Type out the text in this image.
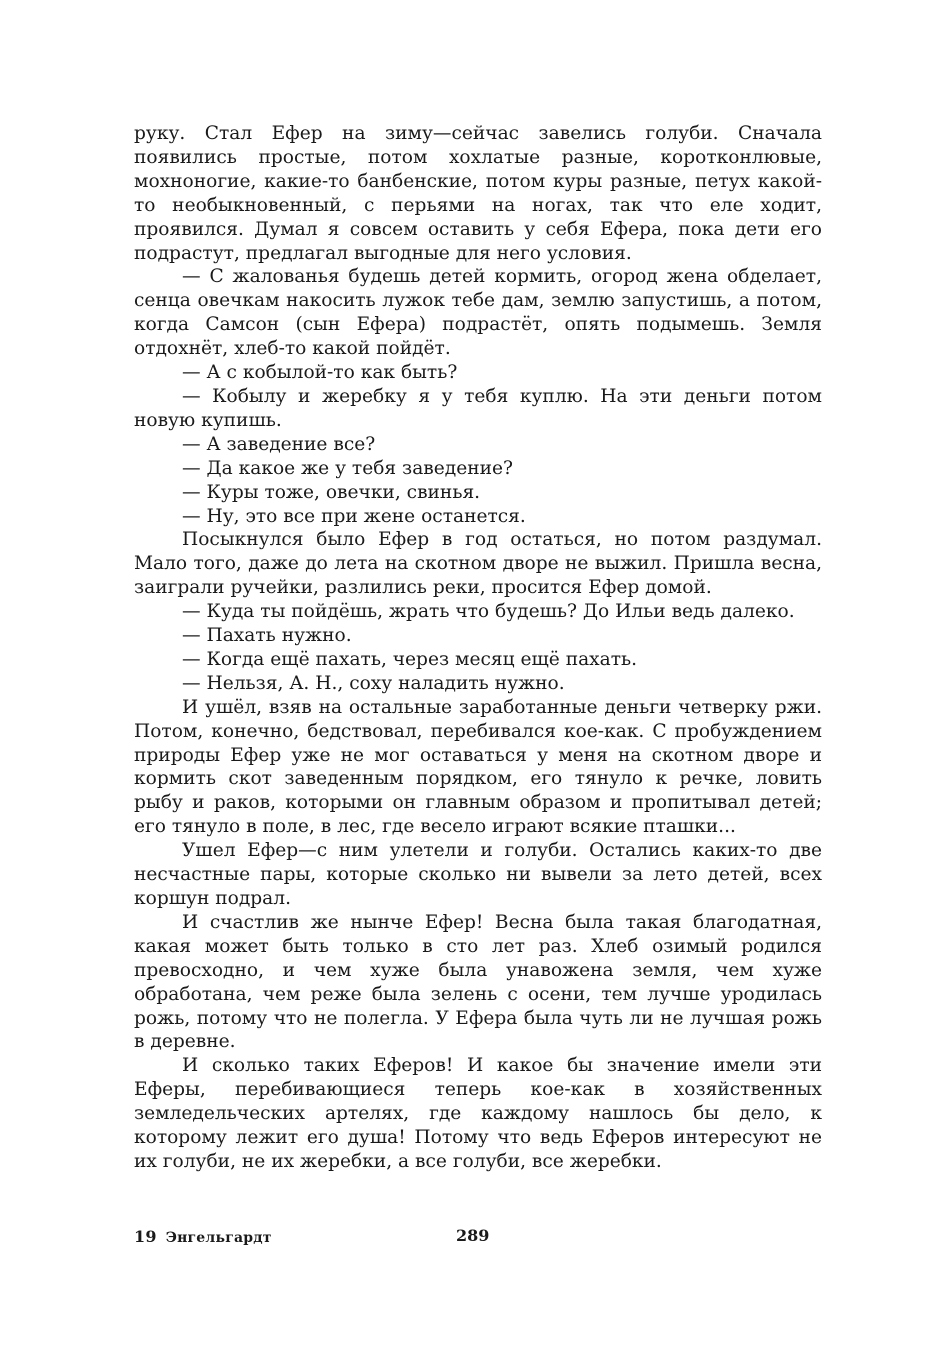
руку. Стал Ефер на зиму—сейчас завелись голуби. Сначала появились простые, потом хохлатые разные, коротконлювые, мохноногие, какие-то банбенские, потом куры разные, петух какой-то необыкновенный, с перьями на ногах, так что еле ходит, проявился. Думал я совсем оставить у себя Ефера, пока дети его подрастут, предлагал выгодные для него условия.

— С жалованья будешь детей кормить, огород жена обделает, сенца овечкам накосить лужок тебе дам, землю запустишь, а потом, когда Самсон (сын Ефера) подрастёт, опять подымешь. Земля отдохнёт, хлеб-то какой пойдёт.

— А с кобылой-то как быть?

— Кобылу и жеребку я у тебя куплю. На эти деньги потом новую купишь.

— А заведение все?

— Да какое же у тебя заведение?

— Куры тоже, овечки, свинья.

— Ну, это все при жене останется.

Посыкнулся было Ефер в год остаться, но потом раздумал. Мало того, даже до лета на скотном дворе не выжил. Пришла весна, заиграли ручейки, разлились реки, просится Ефер домой.

— Куда ты пойдёшь, жрать что будешь? До Ильи ведь далеко.

— Пахать нужно.

— Когда ещё пахать, через месяц ещё пахать.

— Нельзя, А. Н., соху наладить нужно.

И ушёл, взяв на остальные заработанные деньги четверку ржи. Потом, конечно, бедствовал, перебивался кое-как. С пробуждением природы Ефер уже не мог оставаться у меня на скотном дворе и кормить скот заведенным порядком, его тянуло к речке, ловить рыбу и раков, которыми он главным образом и пропитывал детей; его тянуло в поле, в лес, где весело играют всякие пташки...

Ушел Ефер—с ним улетели и голуби. Остались каких-то две несчастные пары, которые сколько ни вывели за лето детей, всех коршун подрал.

И счастлив же нынче Ефер! Весна была такая благодатная, какая может быть только в сто лет раз. Хлеб озимый родился превосходно, и чем хуже была унавожена земля, чем хуже обработана, чем реже была зелень с осени, тем лучше уродилась рожь, потому что не полегла. У Ефера была чуть ли не лучшая рожь в деревне.

И сколько таких Еферов! И какое бы значение имели эти Еферы, перебивающиеся теперь кое-как в хозяйственных земледельческих артелях, где каждому нашлось бы дело, к которому лежит его душа! Потому что ведь Еферов интересуют не их голуби, не их жеребки, а все голуби, все жеребки.

19 Энгельгардт	289
